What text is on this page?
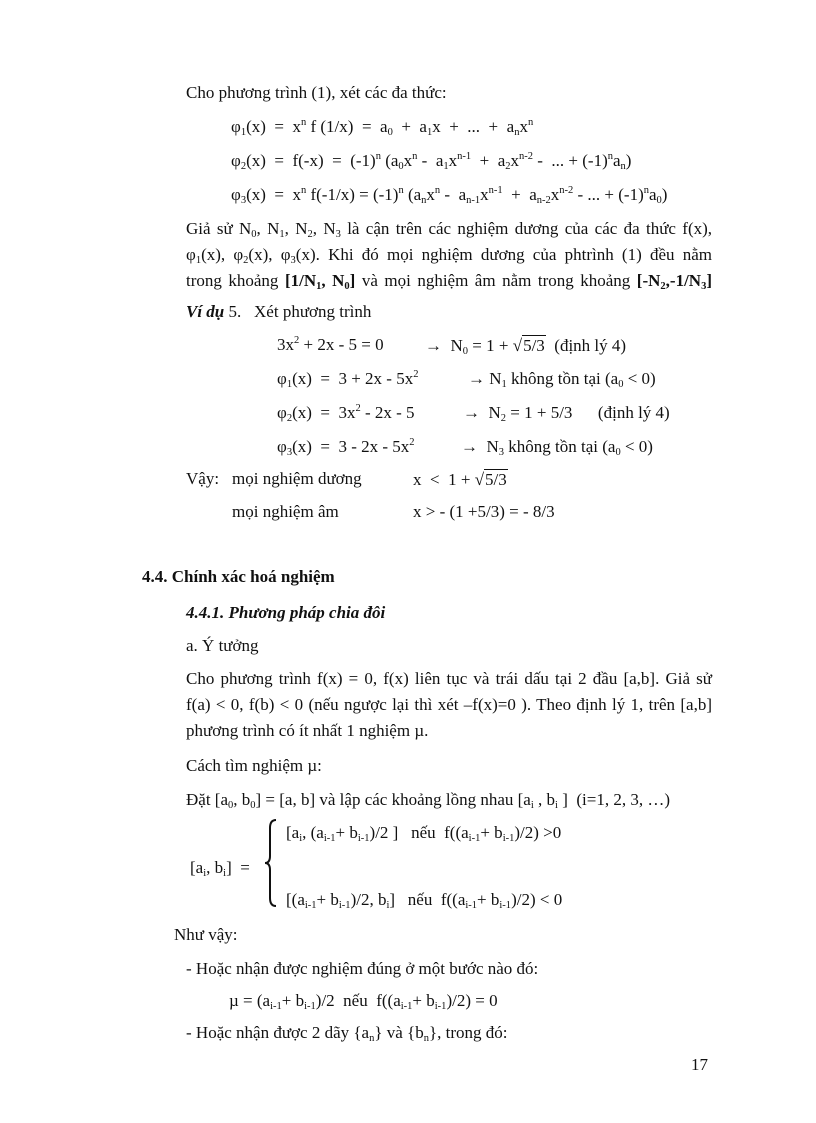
Cho phương trình (1), xét các đa thức:
$\varphi_1(x) = x^n$ f $(1/x) = a_0 + a_1x$  +  ...  +  $a_nx^n$
$\varphi_2(x) = f(-x) = (-1)^n$ ($a_0x^n - a_1x^{n-1} + a_2x^{n-2}$ -  ... + $(-1)^na_n$)
$\varphi_3(x) = x^n$ $f(-1/x) = (-1)^n$ ($a_nx^n - a_{n-1}x^{n-1} + a_{n-2}x^{n-2}$ - ... + $(-1)^na_0$)
Giả sử $N_0$, $N_1$, $N_2$, $N_3$ là cận trên các nghiệm dương của các đa thức f(x),
$\varphi_1(x)$, $\varphi_2(x)$, $\varphi_3(x)$. Khi đó mọi nghiệm dương của phtrình (1) đều nằm
trong khoảng [$1/N_1$, $N_0$] và mọi nghiệm âm nằm trong khoảng $[-N_2,-1/N_3]$
Ví dụ 5. Xét phương trình
$3x^2 + 2x - 5 = 0 \to N_0 = 1 + √5/3$  (định lý 4)
$\varphi_1(x) = 3 + 2x - 5x^2$	→ $N_1$ không tồn tại $(a_0 < 0)$
$\varphi_2(x) = 3x^2 - 2x - 5$	→  $N_2 = 1 + 5/3$      (định lý 4)
$\varphi_3(x) = 3 - 2x - 5x^2$	→  $N_3$ không tồn tại $(a_0 < 0)$
Vậy: mọi nghiệm dương	x  <  1 + √5/3
mọi nghiệm âm	x > - (1 +5/3) = - 8/3
4.4. Chính xác hoá nghiệm
4.4.1. Phương pháp chia đôi
a. Ý tưởng
Cho phương trình f(x) = 0, f(x) liên tục và trái dấu tại 2 đầu [a,b]. Giả sử
f(a) < 0, f(b) < 0 (nếu ngược lại thì xét –f(x)=0 ). Theo định lý 1, trên [a,b]
phương trình có ít nhất 1 nghiệm µ.
Cách tìm nghiệm µ:
Đặt [$a_0$, $b_0] = [a$, b] và lập các khoảng lồng nhau [$a_i$ , $b_i$ ]  (i=1, 2, 3, …)
[$a_i$, $b_i$]  =
[$a_i$, $(a_{i-1}+ b_{i-1})/2$ ]   nếu  $f((a_{i-1}+ b_{i-1})/2) >0$
[$(a_{i-1}+ b_{i-1})/2$, $b_i$]   nếu  $f((a_{i-1}+ b_{i-1})/2) < 0$
Như vậy:
- Hoặc nhận được nghiệm đúng ở một bước nào đó:
$\mu = (a_{i-1}+ b_{i-1})/2$  nếu  $f((a_{i-1}+ b_{i-1})/2) = 0$
- Hoặc nhận được 2 dãy $\{a_n\}$ và $\{b_n\}$, trong đó:
17
